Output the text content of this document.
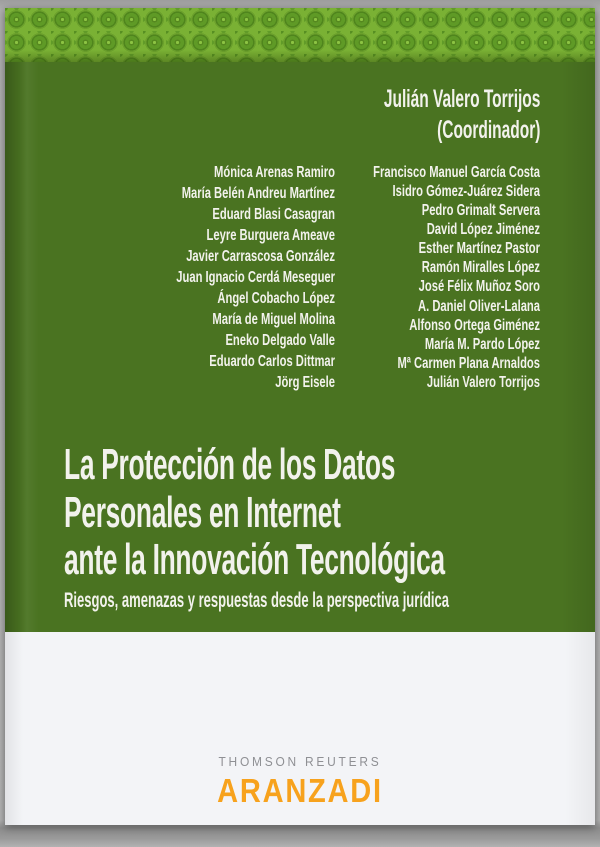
Julián Valero Torrijos
(Coordinador)
Mónica Arenas Ramiro
María Belén Andreu Martínez
Eduard Blasi Casagran
Leyre Burguera Ameave
Javier Carrascosa González
Juan Ignacio Cerdá Meseguer
Ángel Cobacho López
María de Miguel Molina
Eneko Delgado Valle
Eduardo Carlos Dittmar
Jörg Eisele
Francisco Manuel García Costa
Isidro Gómez-Juárez Sidera
Pedro Grimalt Servera
David López Jiménez
Esther Martínez Pastor
Ramón Miralles López
José Félix Muñoz Soro
A. Daniel Oliver-Lalana
Alfonso Ortega Giménez
María M. Pardo López
Mª Carmen Plana Arnaldos
Julián Valero Torrijos
La Protección de los Datos
Personales en Internet
ante la Innovación Tecnológica
Riesgos, amenazas y respuestas desde la perspectiva jurídica
THOMSON REUTERS
ARANZADI
